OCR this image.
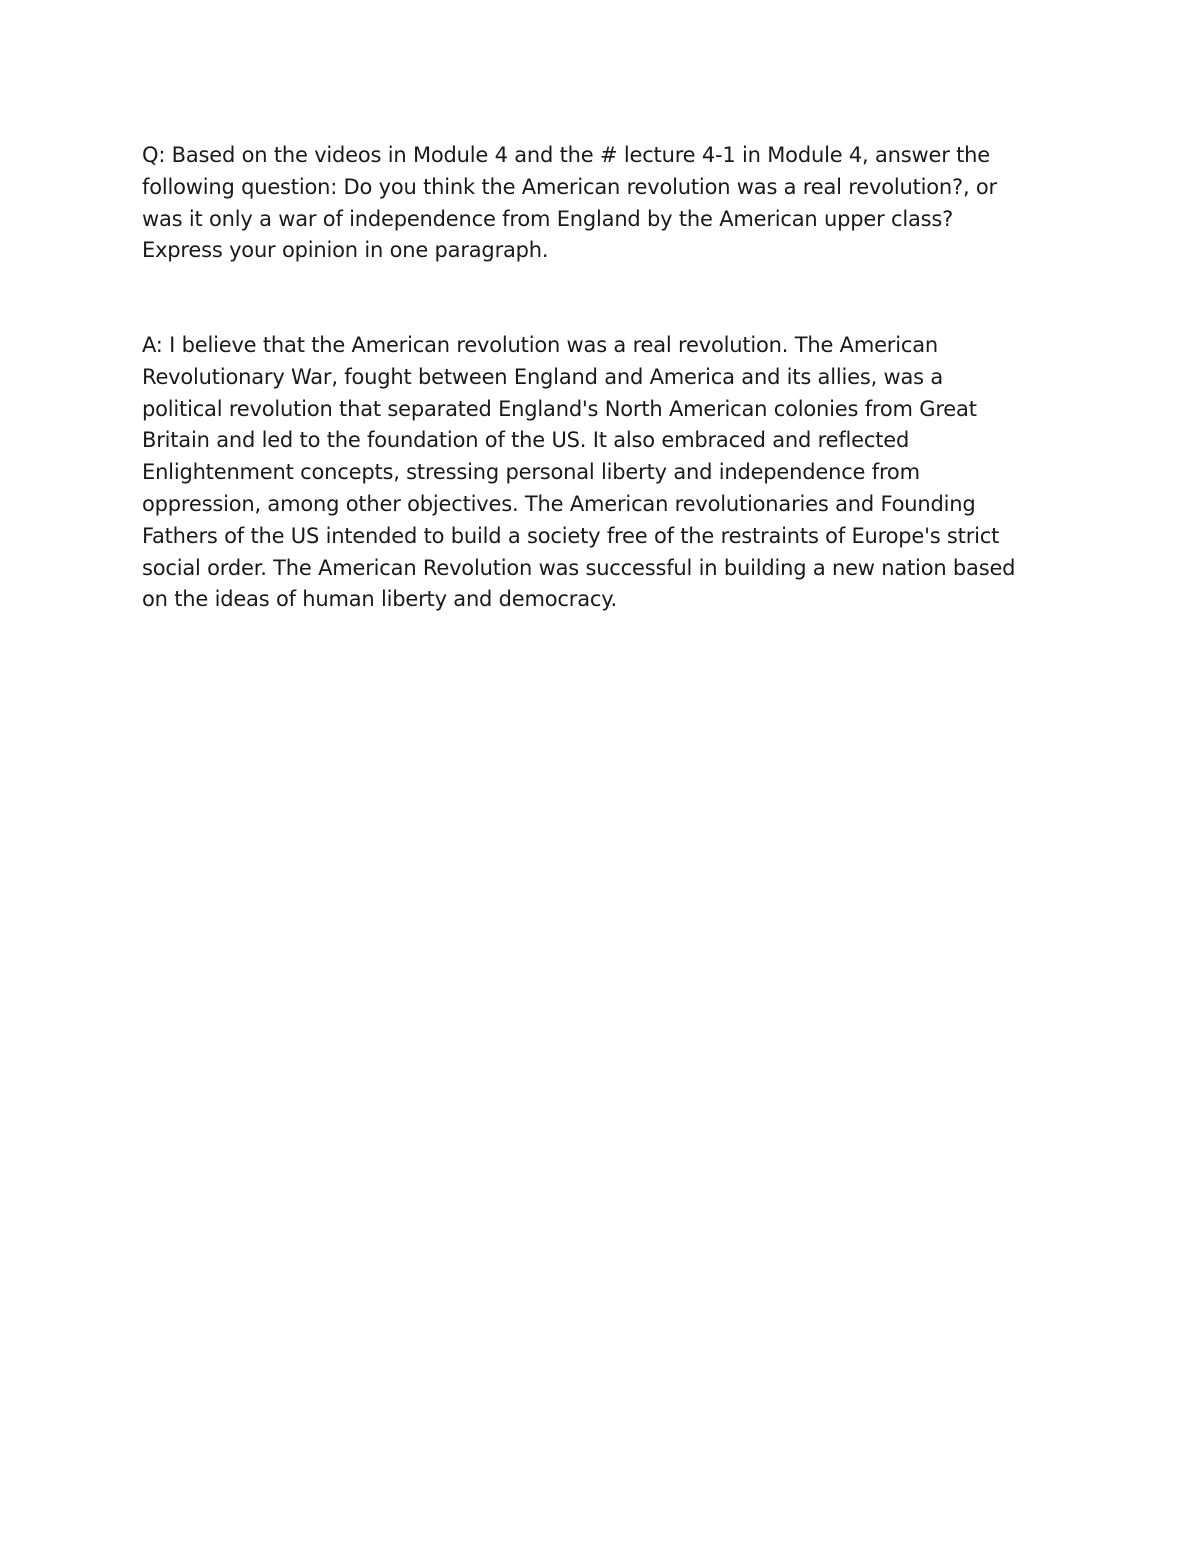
Q: Based on the videos in Module 4 and the # lecture 4-1 in Module 4, answer the
following question: Do you think the American revolution was a real revolution?, or
was it only a war of independence from England by the American upper class?
Express your opinion in one paragraph.
A: I believe that the American revolution was a real revolution. The American
Revolutionary War, fought between England and America and its allies, was a
political revolution that separated England's North American colonies from Great
Britain and led to the foundation of the US. It also embraced and reflected
Enlightenment concepts, stressing personal liberty and independence from
oppression, among other objectives. The American revolutionaries and Founding
Fathers of the US intended to build a society free of the restraints of Europe's strict
social order. The American Revolution was successful in building a new nation based
on the ideas of human liberty and democracy.
